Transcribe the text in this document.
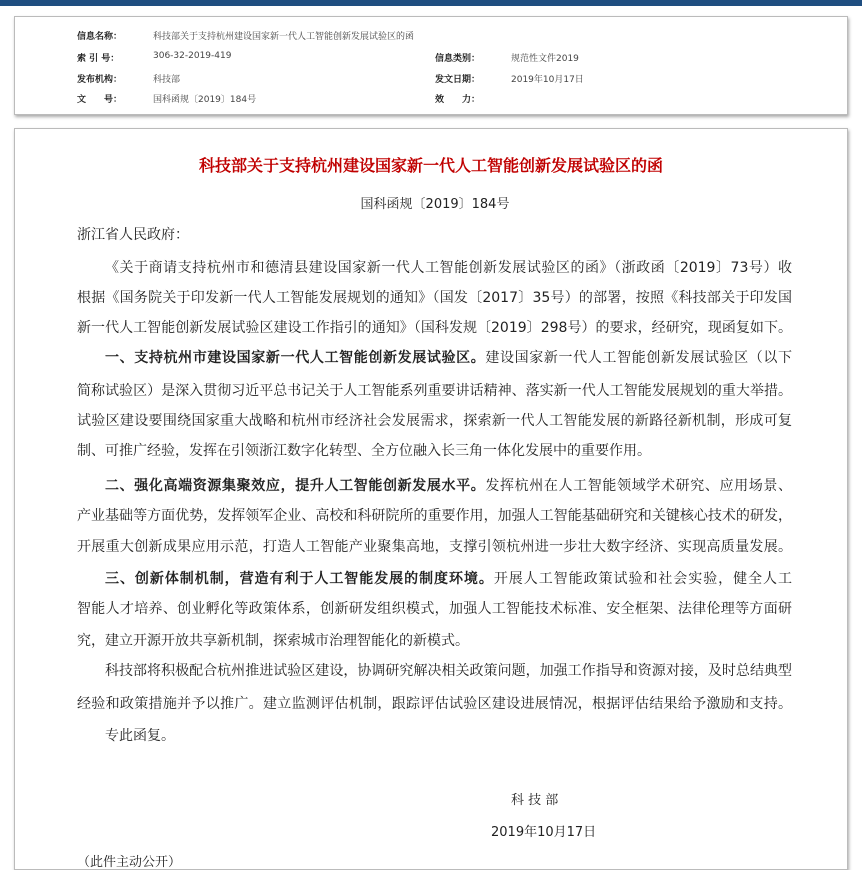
信息名称：	科技部关于支持杭州建设国家新一代人工智能创新发展试验区的函
索 引 号：	306-32-2019-419	信息类别：	规范性文件2019
发布机构：	科技部	发文日期：	2019年10月17日
文　　号：	国科函规〔2019〕184号	效　　力：
科技部关于支持杭州建设国家新一代人工智能创新发展试验区的函
国科函规〔2019〕184号
浙江省人民政府：
《关于商请支持杭州市和德清县建设国家新一代人工智能创新发展试验区的函》（浙政函〔2019〕73号）收
根据《国务院关于印发新一代人工智能发展规划的通知》（国发〔2017〕35号）的部署，按照《科技部关于印发国
新一代人工智能创新发展试验区建设工作指引的通知》（国科发规〔2019〕298号）的要求，经研究，现函复如下。
一、支持杭州市建设国家新一代人工智能创新发展试验区。建设国家新一代人工智能创新发展试验区（以下
简称试验区）是深入贯彻习近平总书记关于人工智能系列重要讲话精神、落实新一代人工智能发展规划的重大举措。
试验区建设要围绕国家重大战略和杭州市经济社会发展需求，探索新一代人工智能发展的新路径新机制，形成可复
制、可推广经验，发挥在引领浙江数字化转型、全方位融入长三角一体化发展中的重要作用。
二、强化高端资源集聚效应，提升人工智能创新发展水平。发挥杭州在人工智能领域学术研究、应用场景、
产业基础等方面优势，发挥领军企业、高校和科研院所的重要作用，加强人工智能基础研究和关键核心技术的研发，
开展重大创新成果应用示范，打造人工智能产业聚集高地，支撑引领杭州进一步壮大数字经济、实现高质量发展。
三、创新体制机制，营造有利于人工智能发展的制度环境。开展人工智能政策试验和社会实验，健全人工
智能人才培养、创业孵化等政策体系，创新研发组织模式，加强人工智能技术标准、安全框架、法律伦理等方面研
究，建立开源开放共享新机制，探索城市治理智能化的新模式。
科技部将积极配合杭州推进试验区建设，协调研究解决相关政策问题，加强工作指导和资源对接，及时总结典型
经验和政策措施并予以推广。建立监测评估机制，跟踪评估试验区建设进展情况，根据评估结果给予激励和支持。
专此函复。
科 技 部
2019年10月17日
（此件主动公开）
